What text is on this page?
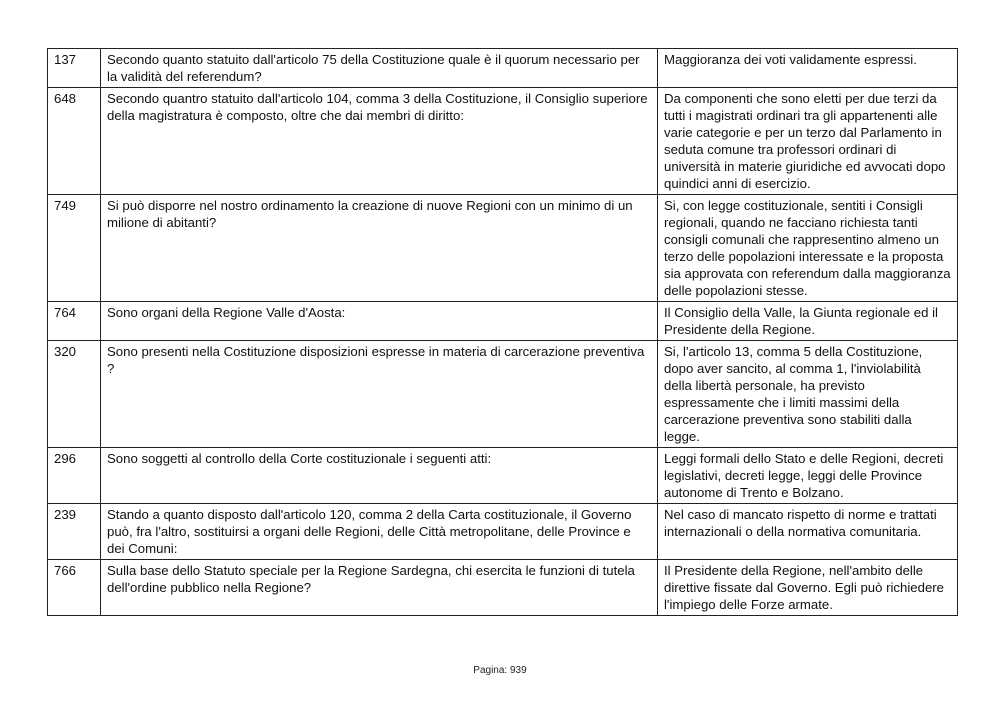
137	Secondo quanto statuito dall'articolo 75 della Costituzione quale è il quorum necessario per la validità del referendum?	Maggioranza dei voti validamente espressi.
648	Secondo quantro statuito dall'articolo 104, comma 3 della Costituzione, il Consiglio superiore della magistratura è composto, oltre che dai membri di diritto:	Da componenti che sono eletti per due terzi da tutti i magistrati ordinari tra gli appartenenti alle varie categorie e per un terzo dal Parlamento in seduta comune tra professori ordinari di università in materie giuridiche ed avvocati dopo quindici anni di esercizio.
749	Si può disporre nel nostro ordinamento la creazione di nuove Regioni con un minimo di un milione di abitanti?	Si, con legge costituzionale, sentiti i Consigli regionali, quando ne facciano richiesta tanti consigli comunali che rappresentino almeno un terzo delle popolazioni interessate e la proposta sia approvata con referendum dalla maggioranza delle popolazioni stesse.
764	Sono organi della Regione Valle d'Aosta:	Il Consiglio della Valle, la Giunta regionale ed il Presidente della Regione.
320	Sono presenti nella Costituzione disposizioni espresse in materia di carcerazione preventiva ?	Si, l'articolo 13, comma 5 della Costituzione, dopo aver sancito, al comma 1, l'inviolabilità della libertà personale, ha previsto espressamente che i limiti massimi della carcerazione preventiva sono stabiliti dalla legge.
296	Sono soggetti al controllo della Corte costituzionale i seguenti atti:	Leggi formali dello Stato e delle Regioni, decreti legislativi, decreti legge, leggi delle Province autonome di Trento e Bolzano.
239	Stando a quanto disposto dall'articolo 120, comma 2 della Carta costituzionale, il Governo può, fra l'altro, sostituirsi a organi delle Regioni, delle Città metropolitane, delle Province e dei Comuni:	Nel caso di mancato rispetto di norme e trattati internazionali o della normativa comunitaria.
766	Sulla base dello Statuto speciale per la Regione Sardegna, chi esercita le funzioni di tutela dell'ordine pubblico nella Regione?	Il Presidente della Regione, nell'ambito delle direttive fissate dal Governo. Egli può richiedere l'impiego delle Forze armate.
Pagina: 939
